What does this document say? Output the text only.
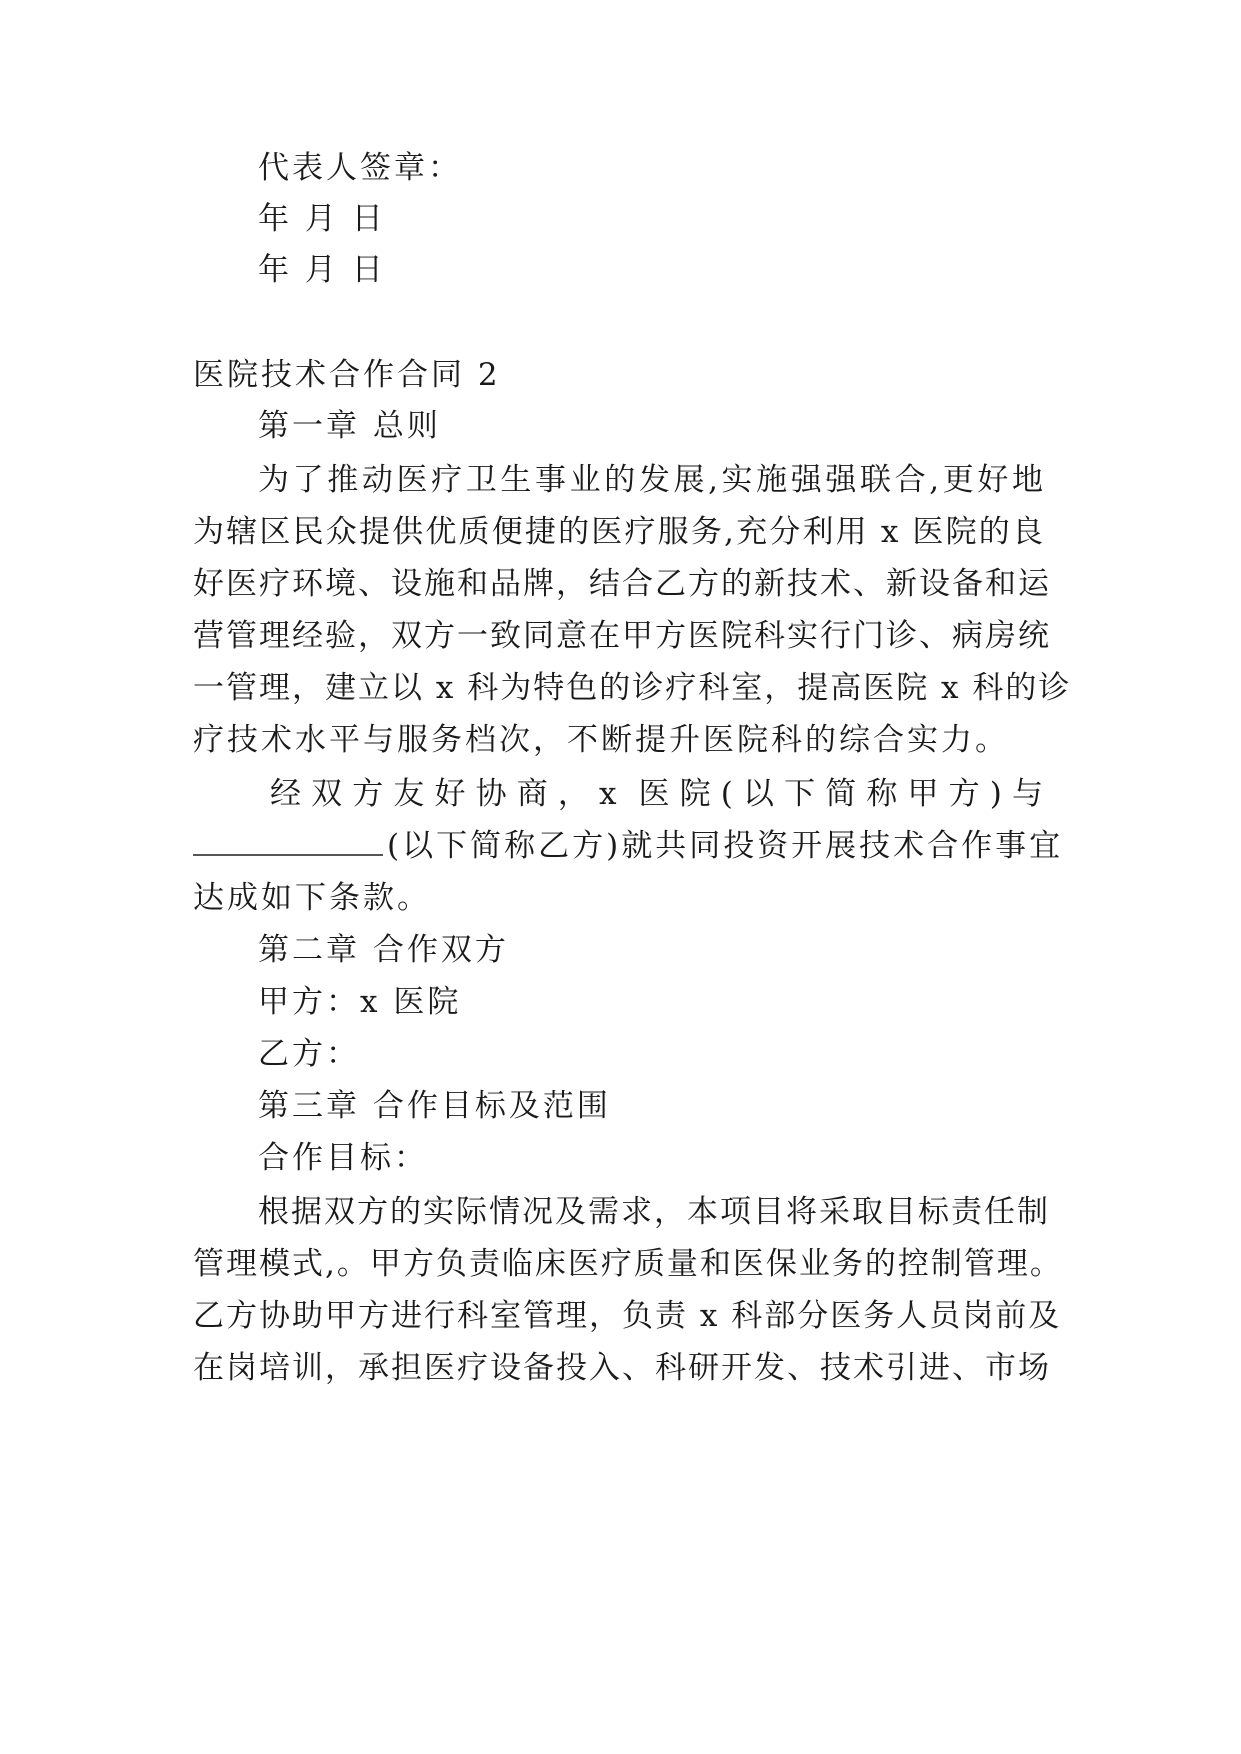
代表人签章：
年 月 日
年 月 日
医院技术合作合同 2
第一章 总则
为了推动医疗卫生事业的发展,实施强强联合,更好地
为辖区民众提供优质便捷的医疗服务,充分利用 x 医院的良
好医疗环境、设施和品牌，结合乙方的新技术、新设备和运
营管理经验，双方一致同意在甲方医院科实行门诊、病房统
一管理，建立以 x 科为特色的诊疗科室，提高医院 x 科的诊
疗技术水平与服务档次，不断提升医院科的综合实力。
经双方友好协商，x 医院(以下简称甲方)与
(以下简称乙方)就共同投资开展技术合作事宜
达成如下条款。
第二章 合作双方
甲方：x 医院
乙方：
第三章 合作目标及范围
合作目标：
根据双方的实际情况及需求，本项目将采取目标责任制
管理模式,。甲方负责临床医疗质量和医保业务的控制管理。
乙方协助甲方进行科室管理，负责 x 科部分医务人员岗前及
在岗培训，承担医疗设备投入、科研开发、技术引进、市场
